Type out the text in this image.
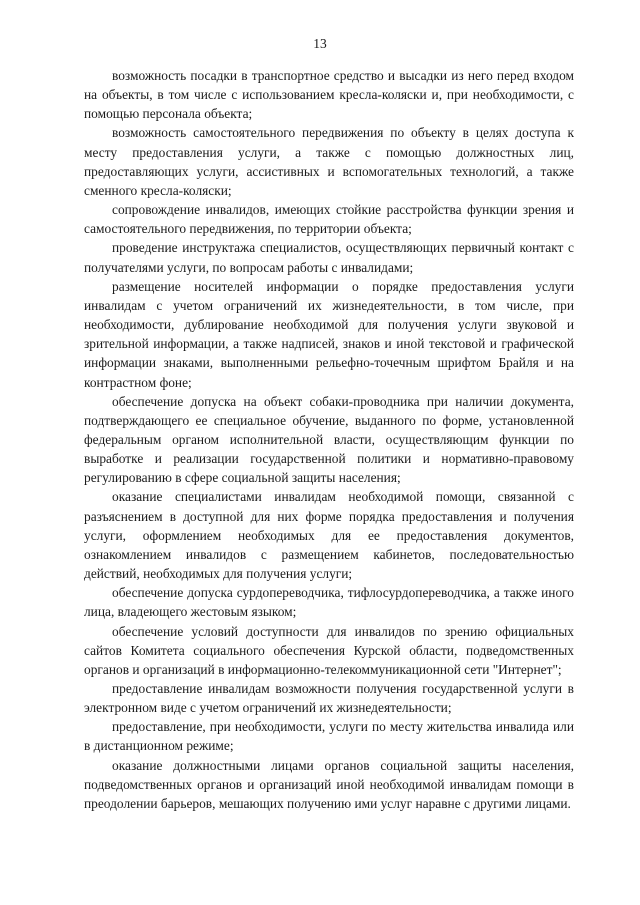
13

возможность посадки в транспортное средство и высадки из него перед входом на объекты, в том числе с использованием кресла-коляски и, при необходимости, с помощью персонала объекта;

возможность самостоятельного передвижения по объекту в целях доступа к месту предоставления услуги, а также с помощью должностных лиц, предоставляющих услуги, ассистивных и вспомогательных технологий, а также сменного кресла-коляски;

сопровождение инвалидов, имеющих стойкие расстройства функции зрения и самостоятельного передвижения, по территории объекта;

проведение инструктажа специалистов, осуществляющих первичный контакт с получателями услуги, по вопросам работы с инвалидами;

размещение носителей информации о порядке предоставления услуги инвалидам с учетом ограничений их жизнедеятельности, в том числе, при необходимости, дублирование необходимой для получения услуги звуковой и зрительной информации, а также надписей, знаков и иной текстовой и графической информации знаками, выполненными рельефно-точечным шрифтом Брайля и на контрастном фоне;

обеспечение допуска на объект собаки-проводника при наличии документа, подтверждающего ее специальное обучение, выданного по форме, установленной федеральным органом исполнительной власти, осуществляющим функции по выработке и реализации государственной политики и нормативно-правовому регулированию в сфере социальной защиты населения;

оказание специалистами инвалидам необходимой помощи, связанной с разъяснением в доступной для них форме порядка предоставления и получения услуги, оформлением необходимых для ее предоставления документов, ознакомлением инвалидов с размещением кабинетов, последовательностью действий, необходимых для получения услуги;

обеспечение допуска сурдопереводчика, тифлосурдопереводчика, а также иного лица, владеющего жестовым языком;

обеспечение условий доступности для инвалидов по зрению официальных сайтов Комитета социального обеспечения Курской области, подведомственных органов и организаций в информационно-телекоммуникационной сети "Интернет";

предоставление инвалидам возможности получения государственной услуги в электронном виде с учетом ограничений их жизнедеятельности;

предоставление, при необходимости, услуги по месту жительства инвалида или в дистанционном режиме;

оказание должностными лицами органов социальной защиты населения, подведомственных органов и организаций иной необходимой инвалидам помощи в преодолении барьеров, мешающих получению ими услуг наравне с другими лицами.
